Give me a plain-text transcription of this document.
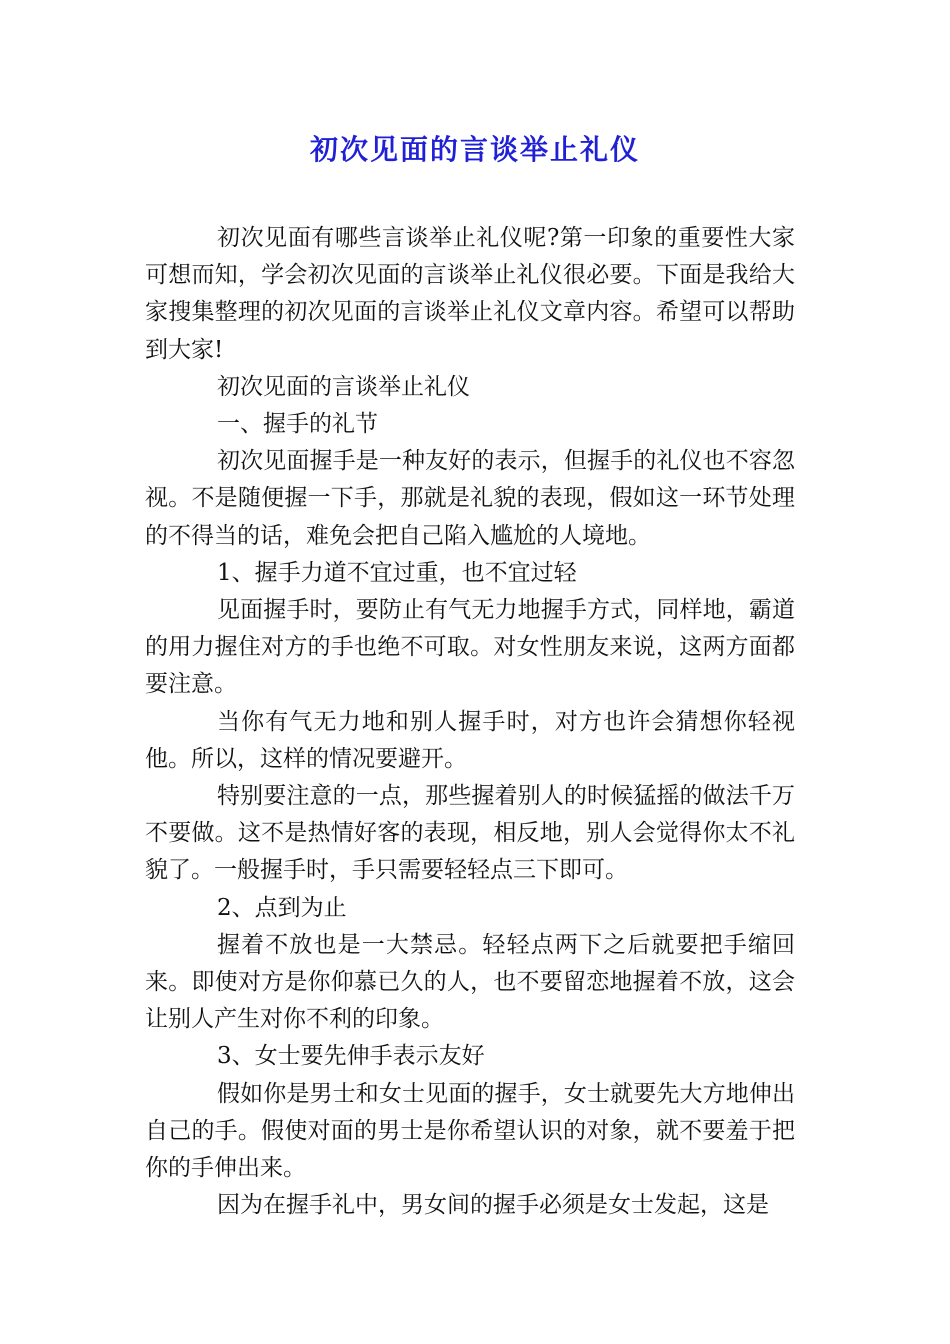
初次见面的言谈举止礼仪

初次见面有哪些言谈举止礼仪呢?第一印象的重要性大家可想而知，学会初次见面的言谈举止礼仪很必要。下面是我给大家搜集整理的初次见面的言谈举止礼仪文章内容。希望可以帮助到大家!

初次见面的言谈举止礼仪

一、握手的礼节

初次见面握手是一种友好的表示，但握手的礼仪也不容忽视。不是随便握一下手，那就是礼貌的表现，假如这一环节处理的不得当的话，难免会把自己陷入尴尬的人境地。

1、握手力道不宜过重，也不宜过轻

见面握手时，要防止有气无力地握手方式，同样地，霸道的用力握住对方的手也绝不可取。对女性朋友来说，这两方面都要注意。

当你有气无力地和别人握手时，对方也许会猜想你轻视他。所以，这样的情况要避开。

特别要注意的一点，那些握着别人的时候猛摇的做法千万不要做。这不是热情好客的表现，相反地，别人会觉得你太不礼貌了。一般握手时，手只需要轻轻点三下即可。

2、点到为止

握着不放也是一大禁忌。轻轻点两下之后就要把手缩回来。即使对方是你仰慕已久的人，也不要留恋地握着不放，这会让别人产生对你不利的印象。

3、女士要先伸手表示友好

假如你是男士和女士见面的握手，女士就要先大方地伸出自己的手。假使对面的男士是你希望认识的对象，就不要羞于把你的手伸出来。

因为在握手礼中，男女间的握手必须是女士发起，这是
